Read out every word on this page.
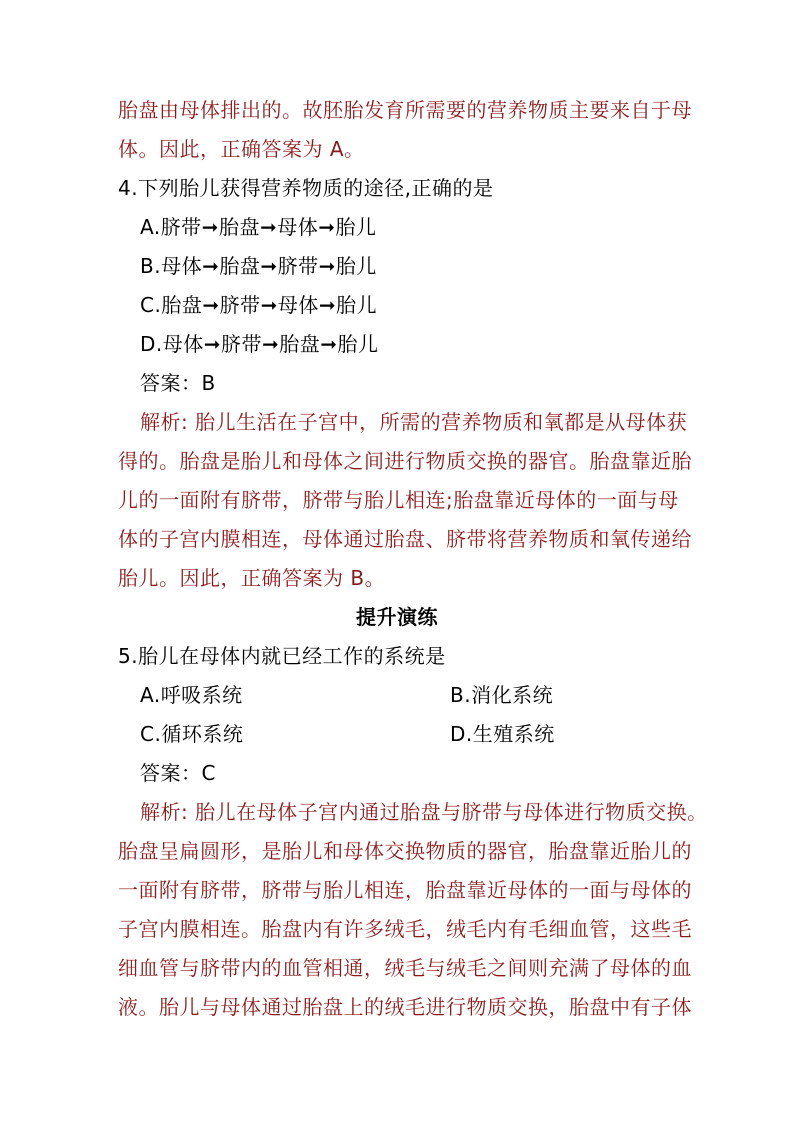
胎盘由母体排出的。故胚胎发育所需要的营养物质主要来自于母
体。因此，正确答案为 A。
4.下列胎儿获得营养物质的途径,正确的是
A.脐带➞胎盘➞母体➞胎儿
B.母体➞胎盘➞脐带➞胎儿
C.胎盘➞脐带➞母体➞胎儿
D.母体➞脐带➞胎盘➞胎儿
答案：B
解析: 胎儿生活在子宫中，所需的营养物质和氧都是从母体获
得的。胎盘是胎儿和母体之间进行物质交换的器官。胎盘靠近胎
儿的一面附有脐带，脐带与胎儿相连;胎盘靠近母体的一面与母
体的子宫内膜相连，母体通过胎盘、脐带将营养物质和氧传递给
胎儿。因此，正确答案为 B。
提升演练
5.胎儿在母体内就已经工作的系统是
A.呼吸系统	B.消化系统
C.循环系统	D.生殖系统
答案：C
解析: 胎儿在母体子宫内通过胎盘与脐带与母体进行物质交换。
胎盘呈扁圆形，是胎儿和母体交换物质的器官，胎盘靠近胎儿的
一面附有脐带，脐带与胎儿相连，胎盘靠近母体的一面与母体的
子宫内膜相连。胎盘内有许多绒毛，绒毛内有毛细血管，这些毛
细血管与脐带内的血管相通，绒毛与绒毛之间则充满了母体的血
液。胎儿与母体通过胎盘上的绒毛进行物质交换，胎盘中有子体
